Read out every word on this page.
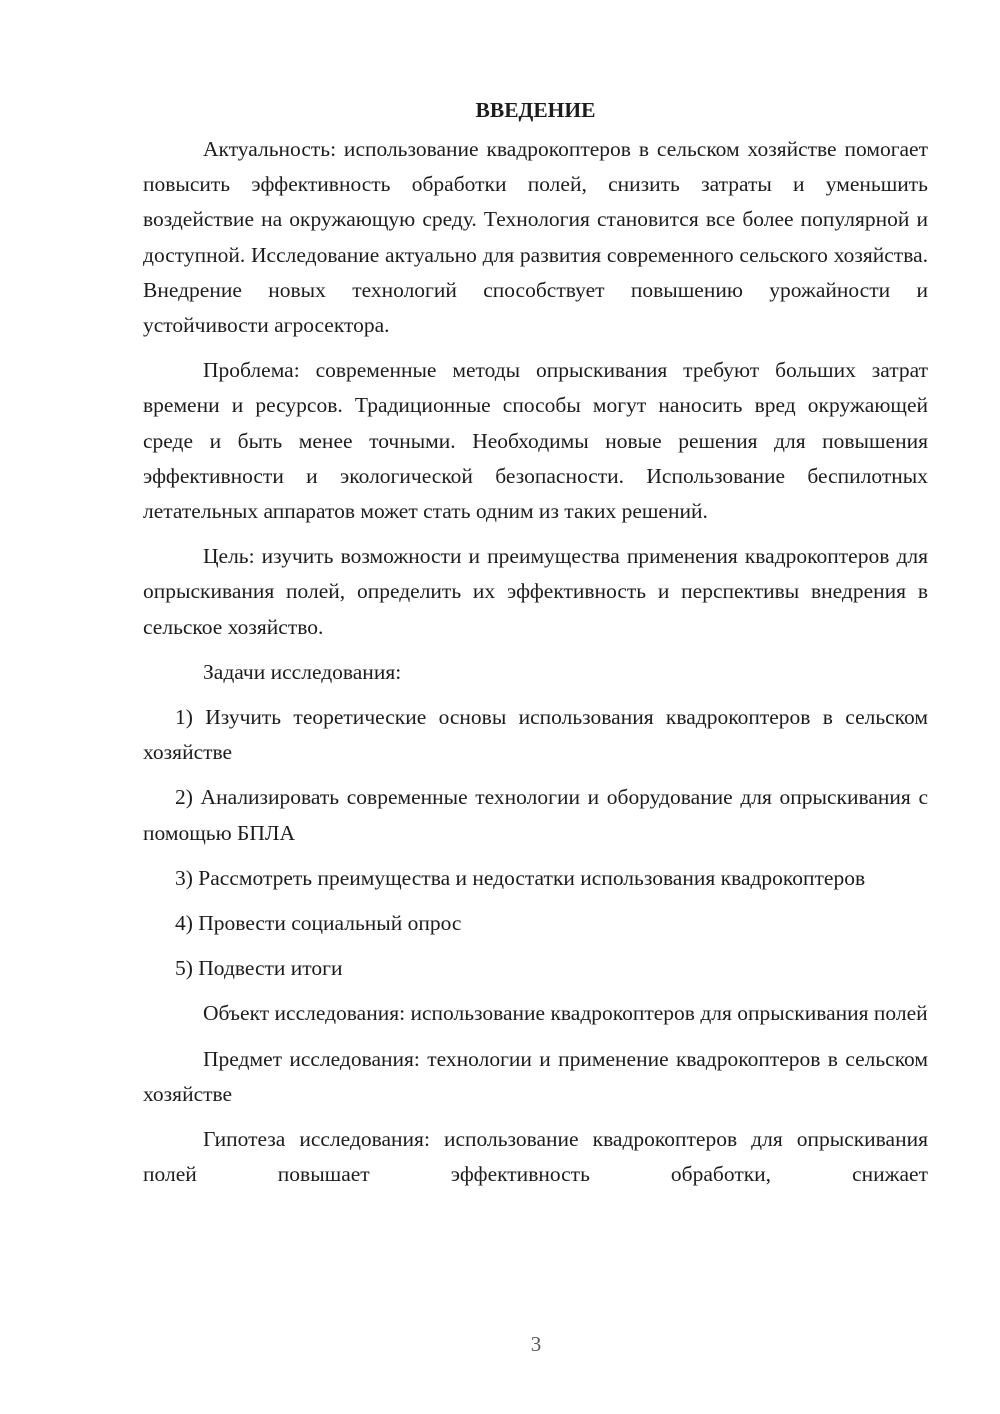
ВВЕДЕНИЕ

Актуальность: использование квадрокоптеров в сельском хозяйстве помогает повысить эффективность обработки полей, снизить затраты и уменьшить воздействие на окружающую среду. Технология становится все более популярной и доступной. Исследование актуально для развития современного сельского хозяйства. Внедрение новых технологий способствует повышению урожайности и устойчивости агросектора.

Проблема: современные методы опрыскивания требуют больших затрат времени и ресурсов. Традиционные способы могут наносить вред окружающей среде и быть менее точными. Необходимы новые решения для повышения эффективности и экологической безопасности. Использование беспилотных летательных аппаратов может стать одним из таких решений.

Цель: изучить возможности и преимущества применения квадрокоптеров для опрыскивания полей, определить их эффективность и перспективы внедрения в сельское хозяйство.

Задачи исследования:

1) Изучить теоретические основы использования квадрокоптеров в сельском хозяйстве

2) Анализировать современные технологии и оборудование для опрыскивания с помощью БПЛА

3) Рассмотреть преимущества и недостатки использования квадрокоптеров

4) Провести социальный опрос

5) Подвести итоги

Объект исследования: использование квадрокоптеров для опрыскивания полей

Предмет исследования: технологии и применение квадрокоптеров в сельском хозяйстве

Гипотеза исследования: использование квадрокоптеров для опрыскивания полей повышает эффективность обработки, снижает

3
